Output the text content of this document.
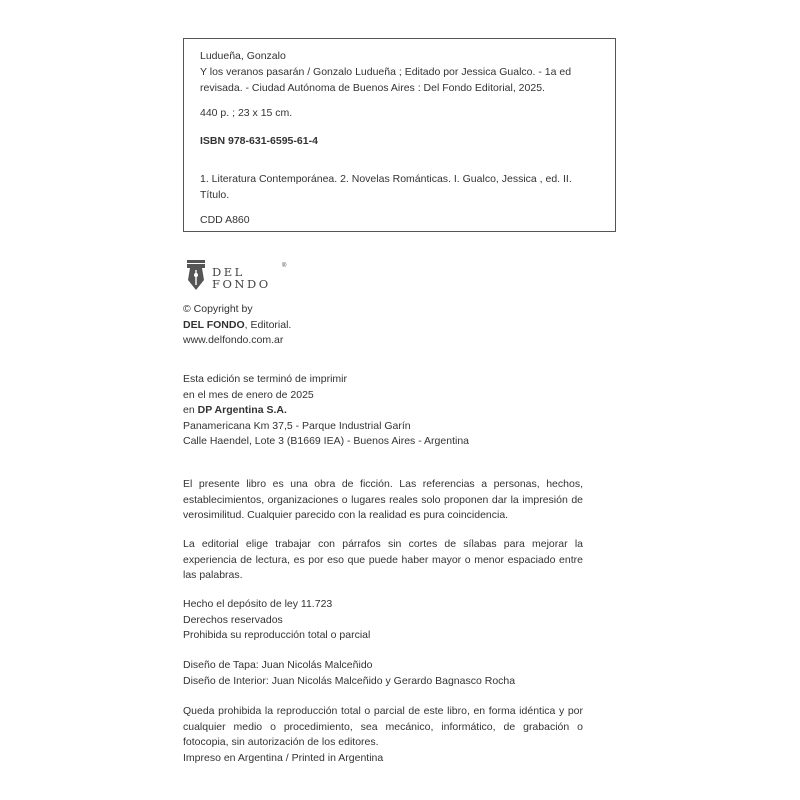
Ludueña, Gonzalo

Y los veranos pasarán / Gonzalo Ludueña ; Editado por Jessica Gualco. - 1a ed

revisada. - Ciudad Autónoma de Buenos Aires : Del Fondo Editorial, 2025.

440 p. ; 23 x 15 cm.

ISBN 978-631-6595-61-4

1. Literatura Contemporánea. 2. Novelas Románticas. I. Gualco, Jessica , ed. II. Título.

CDD A860

DEL
FONDO
®

© Copyright by

DEL FONDO, Editorial.

www.delfondo.com.ar

Esta edición se terminó de imprimir

en el mes de enero de 2025

en DP Argentina S.A.

Panamericana Km 37,5 - Parque Industrial Garín

Calle Haendel, Lote 3 (B1669 IEA) - Buenos Aires - Argentina

El presente libro es una obra de ficción. Las referencias a personas, hechos, establecimientos, organizaciones o lugares reales solo proponen dar la impresión de verosimilitud. Cualquier parecido con la realidad es pura coincidencia.
La editorial elige trabajar con párrafos sin cortes de sílabas para mejorar la experiencia de lectura, es por eso que puede haber mayor o menor espaciado entre las palabras.

Hecho el depósito de ley 11.723

Derechos reservados

Prohibida su reproducción total o parcial

Diseño de Tapa: Juan Nicolás Malceñido

Diseño de Interior: Juan Nicolás Malceñido y Gerardo Bagnasco Rocha

Queda prohibida la reproducción total o parcial de este libro, en forma idéntica y por cualquier medio o procedimiento, sea mecánico, informático, de grabación o fotocopia, sin autorización de los editores.

Impreso en Argentina / Printed in Argentina
